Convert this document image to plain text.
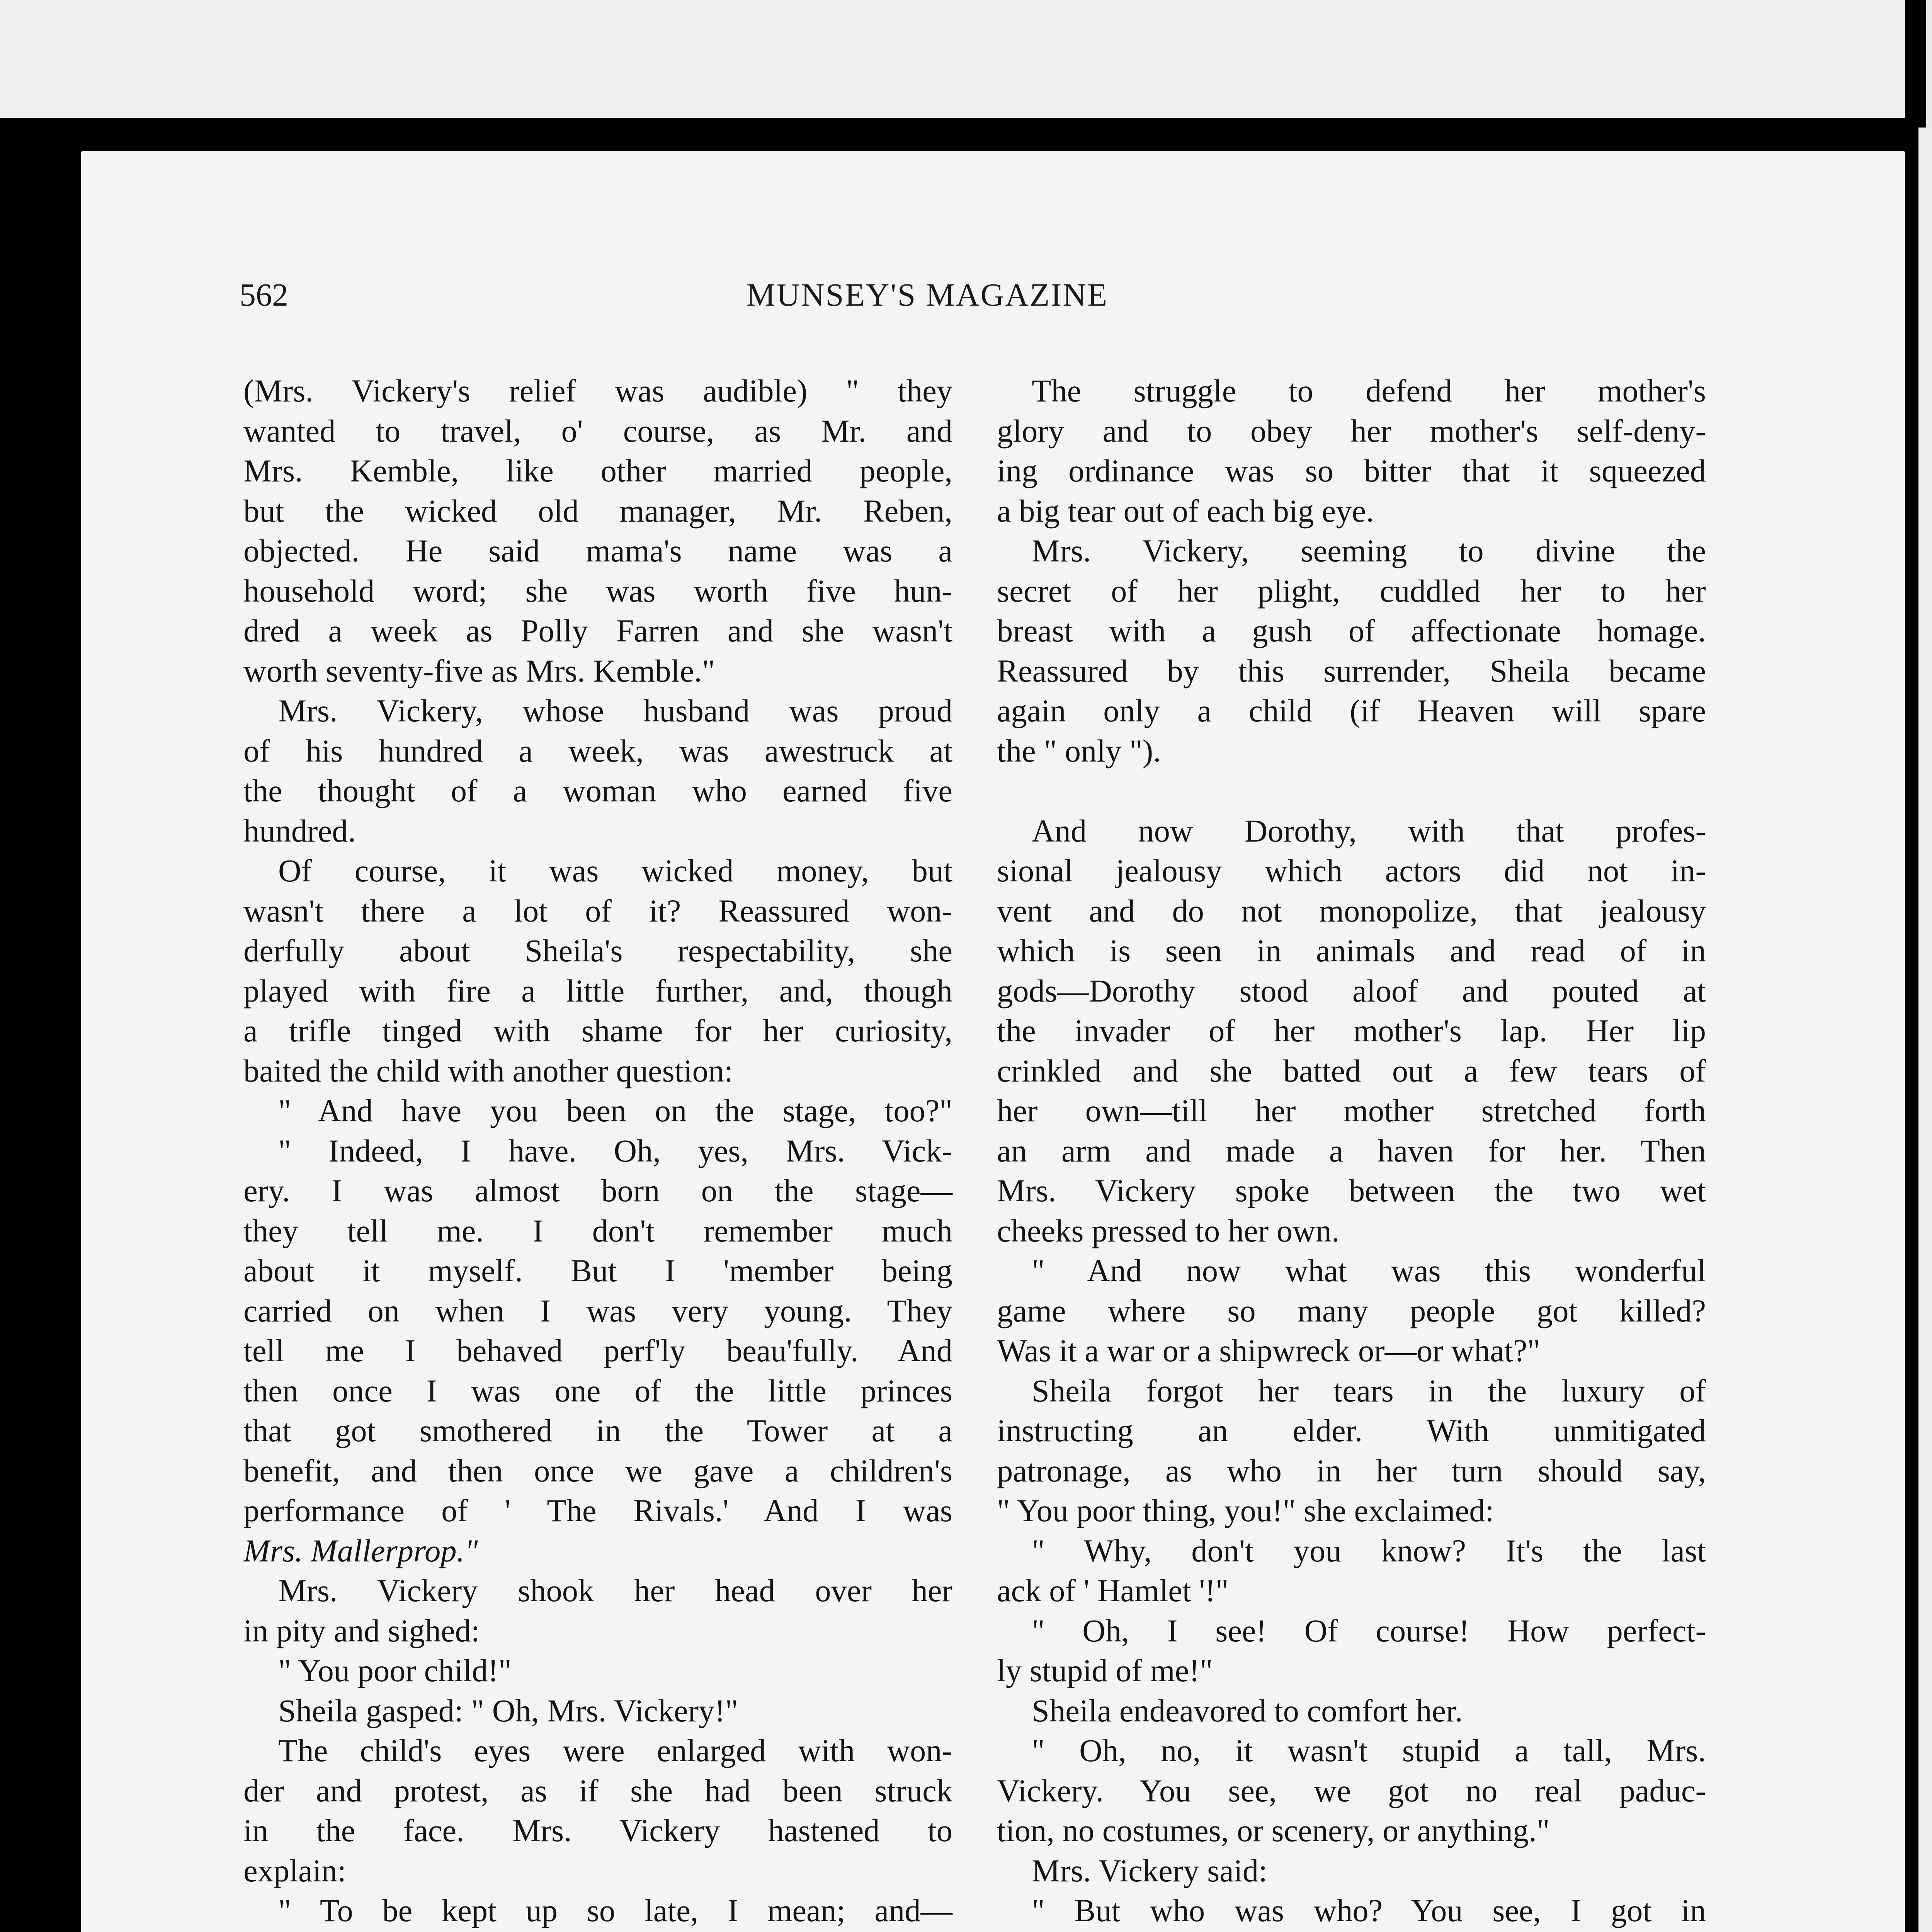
562	MUNSEY'S MAGAZINE
(Mrs. Vickery's relief was audible) " they
wanted to travel, o' course, as Mr. and
Mrs. Kemble, like other married people,
but the wicked old manager, Mr. Reben,
objected. He said mama's name was a
household word; she was worth five hun-
dred a week as Polly Farren and she wasn't
worth seventy-five as Mrs. Kemble."
Mrs. Vickery, whose husband was proud
of his hundred a week, was awestruck at
the thought of a woman who earned five
hundred.
Of course, it was wicked money, but
wasn't there a lot of it? Reassured won-
derfully about Sheila's respectability, she
played with fire a little further, and, though
a trifle tinged with shame for her curiosity,
baited the child with another question:
" And have you been on the stage, too?"
" Indeed, I have. Oh, yes, Mrs. Vick-
ery. I was almost born on the stage—
they tell me. I don't remember much
about it myself. But I 'member being
carried on when I was very young. They
tell me I behaved perf'ly beau'fully. And
then once I was one of the little princes
that got smothered in the Tower at a
benefit, and then once we gave a children's
performance of ' The Rivals.' And I was
Mrs. Mallerprop."
Mrs. Vickery shook her head over her
in pity and sighed:
" You poor child!"
Sheila gasped: " Oh, Mrs. Vickery!"
The child's eyes were enlarged with won-
der and protest, as if she had been struck
in the face. Mrs. Vickery hastened to
explain:
" To be kept up so late, I mean; and—
The struggle to defend her mother's
glory and to obey her mother's self-deny-
ing ordinance was so bitter that it squeezed
a big tear out of each big eye.
Mrs. Vickery, seeming to divine the
secret of her plight, cuddled her to her
breast with a gush of affectionate homage.
Reassured by this surrender, Sheila became
again only a child (if Heaven will spare
the " only ").
And now Dorothy, with that profes-
sional jealousy which actors did not in-
vent and do not monopolize, that jealousy
which is seen in animals and read of in
gods—Dorothy stood aloof and pouted at
the invader of her mother's lap. Her lip
crinkled and she batted out a few tears of
her own—till her mother stretched forth
an arm and made a haven for her. Then
Mrs. Vickery spoke between the two wet
cheeks pressed to her own.
" And now what was this wonderful
game where so many people got killed?
Was it a war or a shipwreck or—or what?"
Sheila forgot her tears in the luxury of
instructing an elder. With unmitigated
patronage, as who in her turn should say,
" You poor thing, you!" she exclaimed:
" Why, don't you know? It's the last
ack of ' Hamlet '!"
" Oh, I see! Of course! How perfect-
ly stupid of me!"
Sheila endeavored to comfort her.
" Oh, no, it wasn't stupid a tall, Mrs.
Vickery. You see, we got no real paduc-
tion, no costumes, or scenery, or anything."
Mrs. Vickery said:
" But who was who? You see, I got in
